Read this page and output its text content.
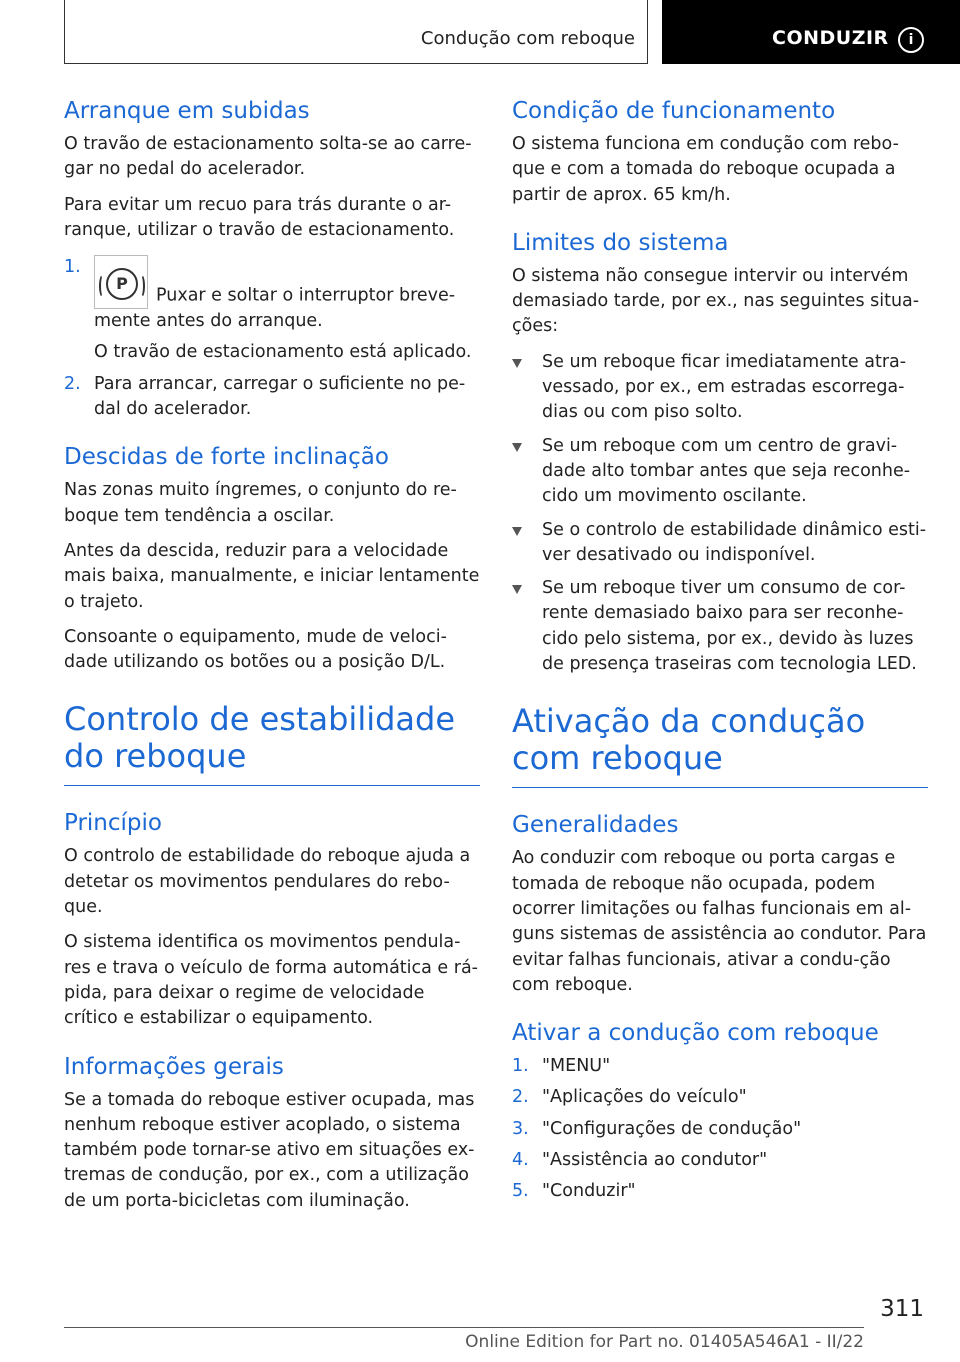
Condução com reboque	CONDUZIR	i
Arranque em subidas

O travão de estacionamento solta-se ao carre-gar no pedal do acelerador.

Para evitar um recuo para trás durante o ar-ranque, utilizar o travão de estacionamento.

1.
P
Puxar e soltar o interruptor breve-mente antes do arranque.
O travão de estacionamento está aplicado.
2. Para arrancar, carregar o suficiente no pe-dal do acelerador.
Descidas de forte inclinação

Nas zonas muito íngremes, o conjunto do re-boque tem tendência a oscilar.

Antes da descida, reduzir para a velocidade mais baixa, manualmente, e iniciar lentamente o trajeto.

Consoante o equipamento, mude de veloci-dade utilizando os botões ou a posição D/L.

Controlo de estabilidade do reboque
Princípio

O controlo de estabilidade do reboque ajuda a detetar os movimentos pendulares do rebo-que.

O sistema identifica os movimentos pendula-res e trava o veículo de forma automática e rá-pida, para deixar o regime de velocidade crítico e estabilizar o equipamento.

Informações gerais

Se a tomada do reboque estiver ocupada, mas nenhum reboque estiver acoplado, o sistema também pode tornar-se ativo em situações ex-tremas de condução, por ex., com a utilização de um porta-bicicletas com iluminação.

Condição de funcionamento

O sistema funciona em condução com rebo-que e com a tomada do reboque ocupada a partir de aprox. 65 km/h.

Limites do sistema

O sistema não consegue intervir ou intervém demasiado tarde, por ex., nas seguintes situa-ções:

Se um reboque ficar imediatamente atra-vessado, por ex., em estradas escorrega-dias ou com piso solto.
Se um reboque com um centro de gravi-dade alto tombar antes que seja reconhe-cido um movimento oscilante.
Se o controlo de estabilidade dinâmico esti-ver desativado ou indisponível.
Se um reboque tiver um consumo de cor-rente demasiado baixo para ser reconhe-cido pelo sistema, por ex., devido às luzes de presença traseiras com tecnologia LED.
Ativação da condução com reboque
Generalidades

Ao conduzir com reboque ou porta cargas e tomada de reboque não ocupada, podem ocorrer limitações ou falhas funcionais em al-guns sistemas de assistência ao condutor. Para evitar falhas funcionais, ativar a condu-ção com reboque.

Ativar a condução com reboque
1. "MENU"
2. "Aplicações do veículo"
3. "Configurações de condução"
4. "Assistência ao condutor"
5. "Conduzir"
311
Online Edition for Part no. 01405A546A1 - II/22
